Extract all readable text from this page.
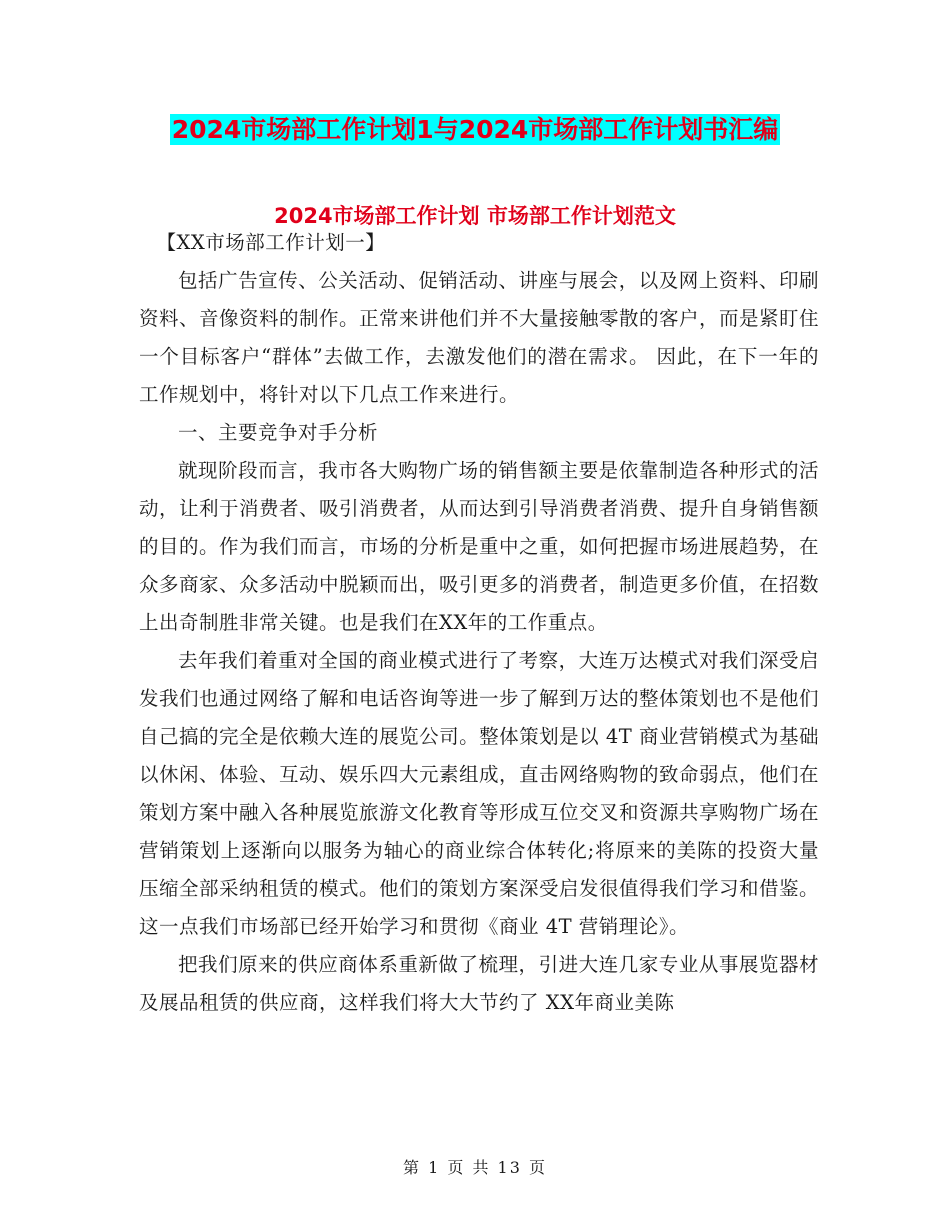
2024市场部工作计划1与2024市场部工作计划书汇编
2024市场部工作计划 市场部工作计划范文

【XX市场部工作计划一】

包括广告宣传、公关活动、促销活动、讲座与展会，以及网上资料、印刷资料、音像资料的制作。正常来讲他们并不大量接触零散的客户，而是紧盯住一个目标客户“群体”去做工作，去激发他们的潜在需求。 因此，在下一年的工作规划中，将针对以下几点工作来进行。

一、主要竞争对手分析

就现阶段而言，我市各大购物广场的销售额主要是依靠制造各种形式的活动，让利于消费者、吸引消费者，从而达到引导消费者消费、提升自身销售额的目的。作为我们而言，市场的分析是重中之重，如何把握市场进展趋势，在众多商家、众多活动中脱颖而出，吸引更多的消费者，制造更多价值，在招数上出奇制胜非常关键。也是我们在XX年的工作重点。

去年我们着重对全国的商业模式进行了考察，大连万达模式对我们深受启发我们也通过网络了解和电话咨询等进一步了解到万达的整体策划也不是他们自己搞的完全是依赖大连的展览公司。整体策划是以 4T 商业营销模式为基础以休闲、体验、互动、娱乐四大元素组成，直击网络购物的致命弱点，他们在策划方案中融入各种展览旅游文化教育等形成互位交叉和资源共享购物广场在营销策划上逐渐向以服务为轴心的商业综合体转化;将原来的美陈的投资大量压缩全部采纳租赁的模式。他们的策划方案深受启发很值得我们学习和借鉴。这一点我们市场部已经开始学习和贯彻《商业 4T 营销理论》。

把我们原来的供应商体系重新做了梳理，引进大连几家专业从事展览器材及展品租赁的供应商，这样我们将大大节约了 XX年商业美陈

第 1 页 共 13 页
